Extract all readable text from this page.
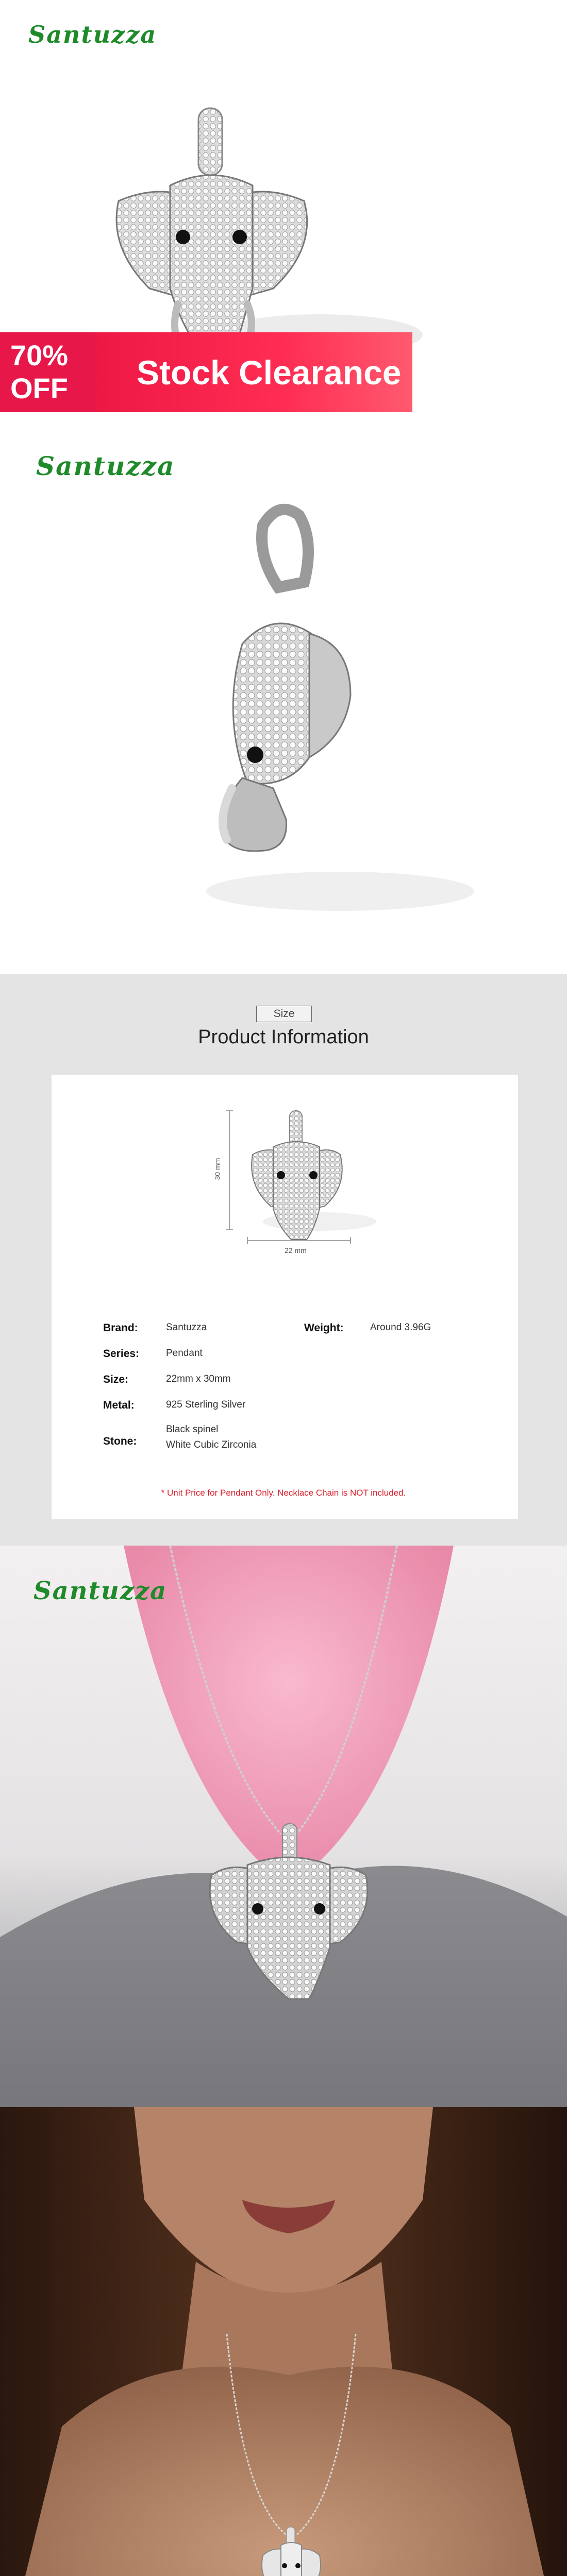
Santuzza
70%
OFF Stock Clearance
Santuzza
Size
Product Information
30 mm
22 mm
Brand:	Santuzza	Weight:	Around 3.96G
Series:	Pendant
Size:	22mm x 30mm
Metal:	925 Sterling Silver
Stone:
Black spinel
White Cubic Zirconia
* Unit Price for Pendant Only. Necklace Chain is NOT included.
Santuzza
